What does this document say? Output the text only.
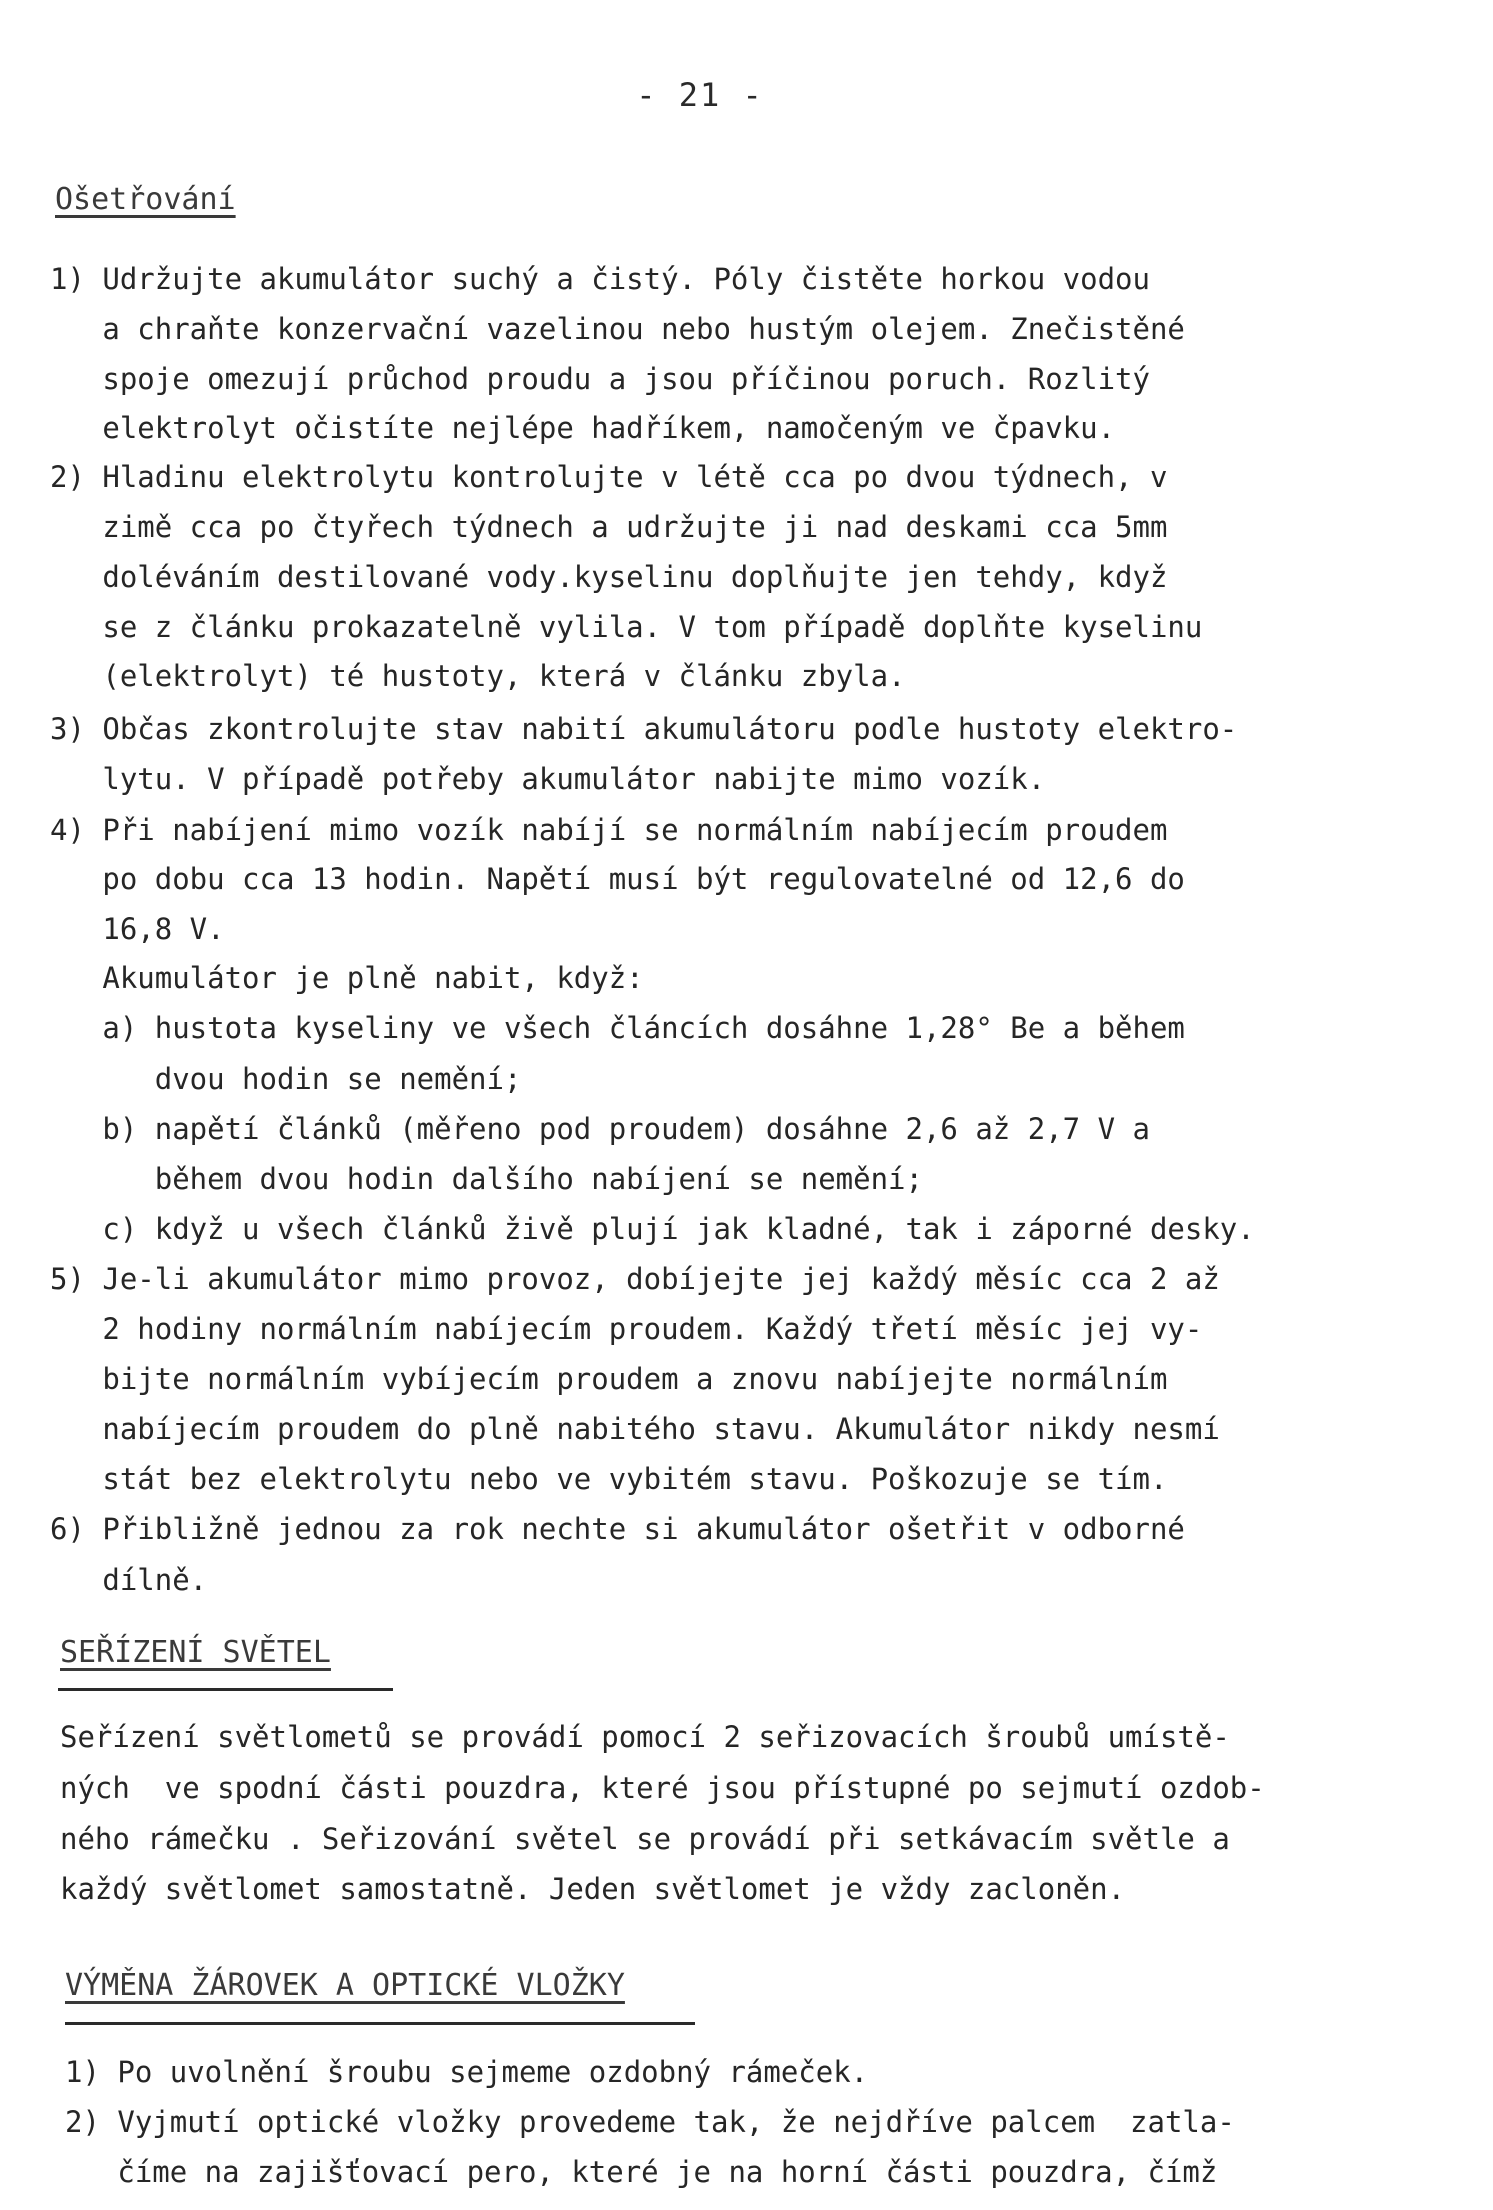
- 21 -
Ošetřování
1) Udržujte akumulátor suchý a čistý. Póly čistěte horkou vodou
a chraňte konzervační vazelinou nebo hustým olejem. Znečistěné
spoje omezují průchod proudu a jsou příčinou poruch. Rozlitý
elektrolyt očistíte nejlépe hadříkem, namočeným ve čpavku.
2) Hladinu elektrolytu kontrolujte v létě cca po dvou týdnech, v
zimě cca po čtyřech týdnech a udržujte ji nad deskami cca 5mm
doléváním destilované vody.kyselinu doplňujte jen tehdy, když
se z článku prokazatelně vylila. V tom případě doplňte kyselinu
(elektrolyt) té hustoty, která v článku zbyla.
3) Občas zkontrolujte stav nabití akumulátoru podle hustoty elektro-
lytu. V případě potřeby akumulátor nabijte mimo vozík.
4) Při nabíjení mimo vozík nabíjí se normálním nabíjecím proudem
po dobu cca 13 hodin. Napětí musí být regulovatelné od 12,6 do
16,8 V.
Akumulátor je plně nabit, když:
a) hustota kyseliny ve všech článcích dosáhne 1,28° Be a během
dvou hodin se nemění;
b) napětí článků (měřeno pod proudem) dosáhne 2,6 až 2,7 V a
během dvou hodin dalšího nabíjení se nemění;
c) když u všech článků živě plují jak kladné, tak i záporné desky.
5) Je-li akumulátor mimo provoz, dobíjejte jej každý měsíc cca 2 až
2 hodiny normálním nabíjecím proudem. Každý třetí měsíc jej vy-
bijte normálním vybíjecím proudem a znovu nabíjejte normálním
nabíjecím proudem do plně nabitého stavu. Akumulátor nikdy nesmí
stát bez elektrolytu nebo ve vybitém stavu. Poškozuje se tím.
6) Přibližně jednou za rok nechte si akumulátor ošetřit v odborné
dílně.
SEŘÍZENÍ SVĚTEL
Seřízení světlometů se provádí pomocí 2 seřizovacích šroubů umístě-
ných  ve spodní části pouzdra, které jsou přístupné po sejmutí ozdob-
ného rámečku . Seřizování světel se provádí při setkávacím světle a
každý světlomet samostatně. Jeden světlomet je vždy zacloněn.
VÝMĚNA ŽÁROVEK A OPTICKÉ VLOŽKY
1) Po uvolnění šroubu sejmeme ozdobný rámeček.
2) Vyjmutí optické vložky provedeme tak, že nejdříve palcem  zatla-
číme na zajišťovací pero, které je na horní části pouzdra, čímž
